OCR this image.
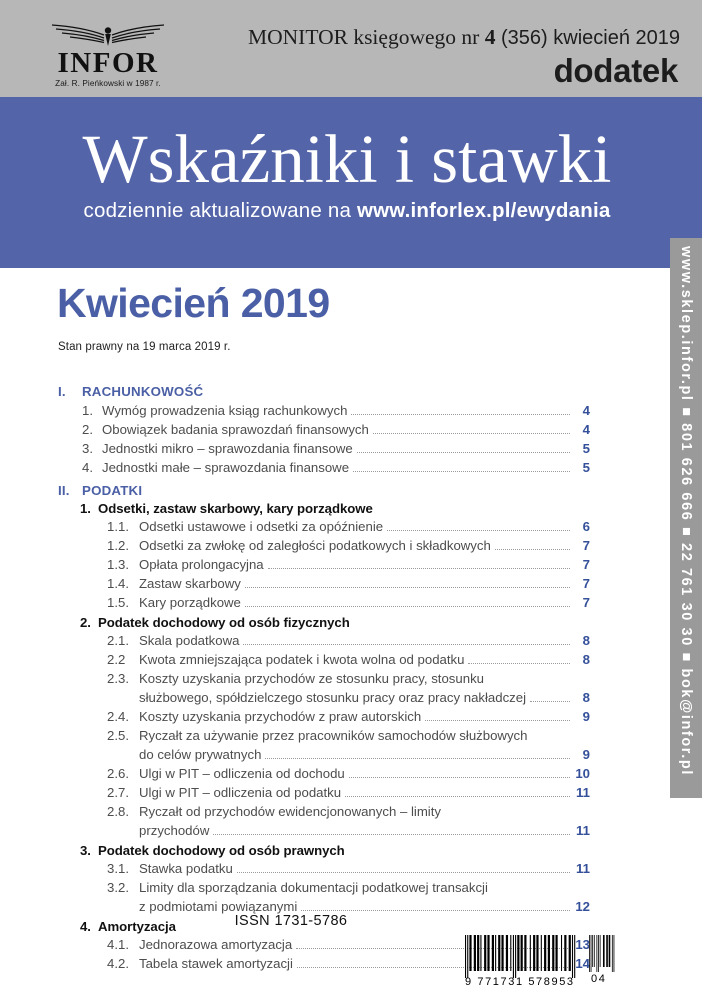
INFOR
Zał. R. Pieńkowski w 1987 r.
MONITOR księgowego nr 4 (356) kwiecień 2019
dodatek
Wskaźniki i stawki
codziennie aktualizowane na www.inforlex.pl/ewydania
www.sklep.infor.pl ■ 801 626 666 ■ 22 761 30 30 ■ bok@infor.pl
Kwiecień 2019
Stan prawny na 19 marca 2019 r.
I.	RACHUNKOWOŚĆ
1. Wymóg prowadzenia ksiąg rachunkowych	4
2. Obowiązek badania sprawozdań finansowych	4
3. Jednostki mikro – sprawozdania finansowe	5
4. Jednostki małe – sprawozdania finansowe	5
II. PODATKI
1. Odsetki, zastaw skarbowy, kary porządkowe
1.1. Odsetki ustawowe i odsetki za opóźnienie	6
1.2. Odsetki za zwłokę od zaległości podatkowych i składkowych	7
1.3. Opłata prolongacyjna	7
1.4. Zastaw skarbowy	7
1.5. Kary porządkowe	7
2. Podatek dochodowy od osób fizycznych
2.1. Skala podatkowa	8
2.2	Kwota zmniejszająca podatek i kwota wolna od podatku	8
2.3. Koszty uzyskania przychodów ze stosunku pracy, stosunku
służbowego, spółdzielczego stosunku pracy oraz pracy nakładczej	8
2.4. Koszty uzyskania przychodów z praw autorskich	9
2.5. Ryczałt za używanie przez pracowników samochodów służbowych
do celów prywatnych	9
2.6. Ulgi w PIT – odliczenia od dochodu	10
2.7. Ulgi w PIT – odliczenia od podatku	11
2.8. Ryczałt od przychodów ewidencjonowanych – limity
przychodów	11
3. Podatek dochodowy od osób prawnych
3.1. Stawka podatku	11
3.2. Limity dla sporządzania dokumentacji podatkowej transakcji
z podmiotami powiązanymi	12
4. Amortyzacja
4.1. Jednorazowa amortyzacja	13
4.2. Tabela stawek amortyzacji	14
ISSN 1731-5786
9 771731 578953	04
